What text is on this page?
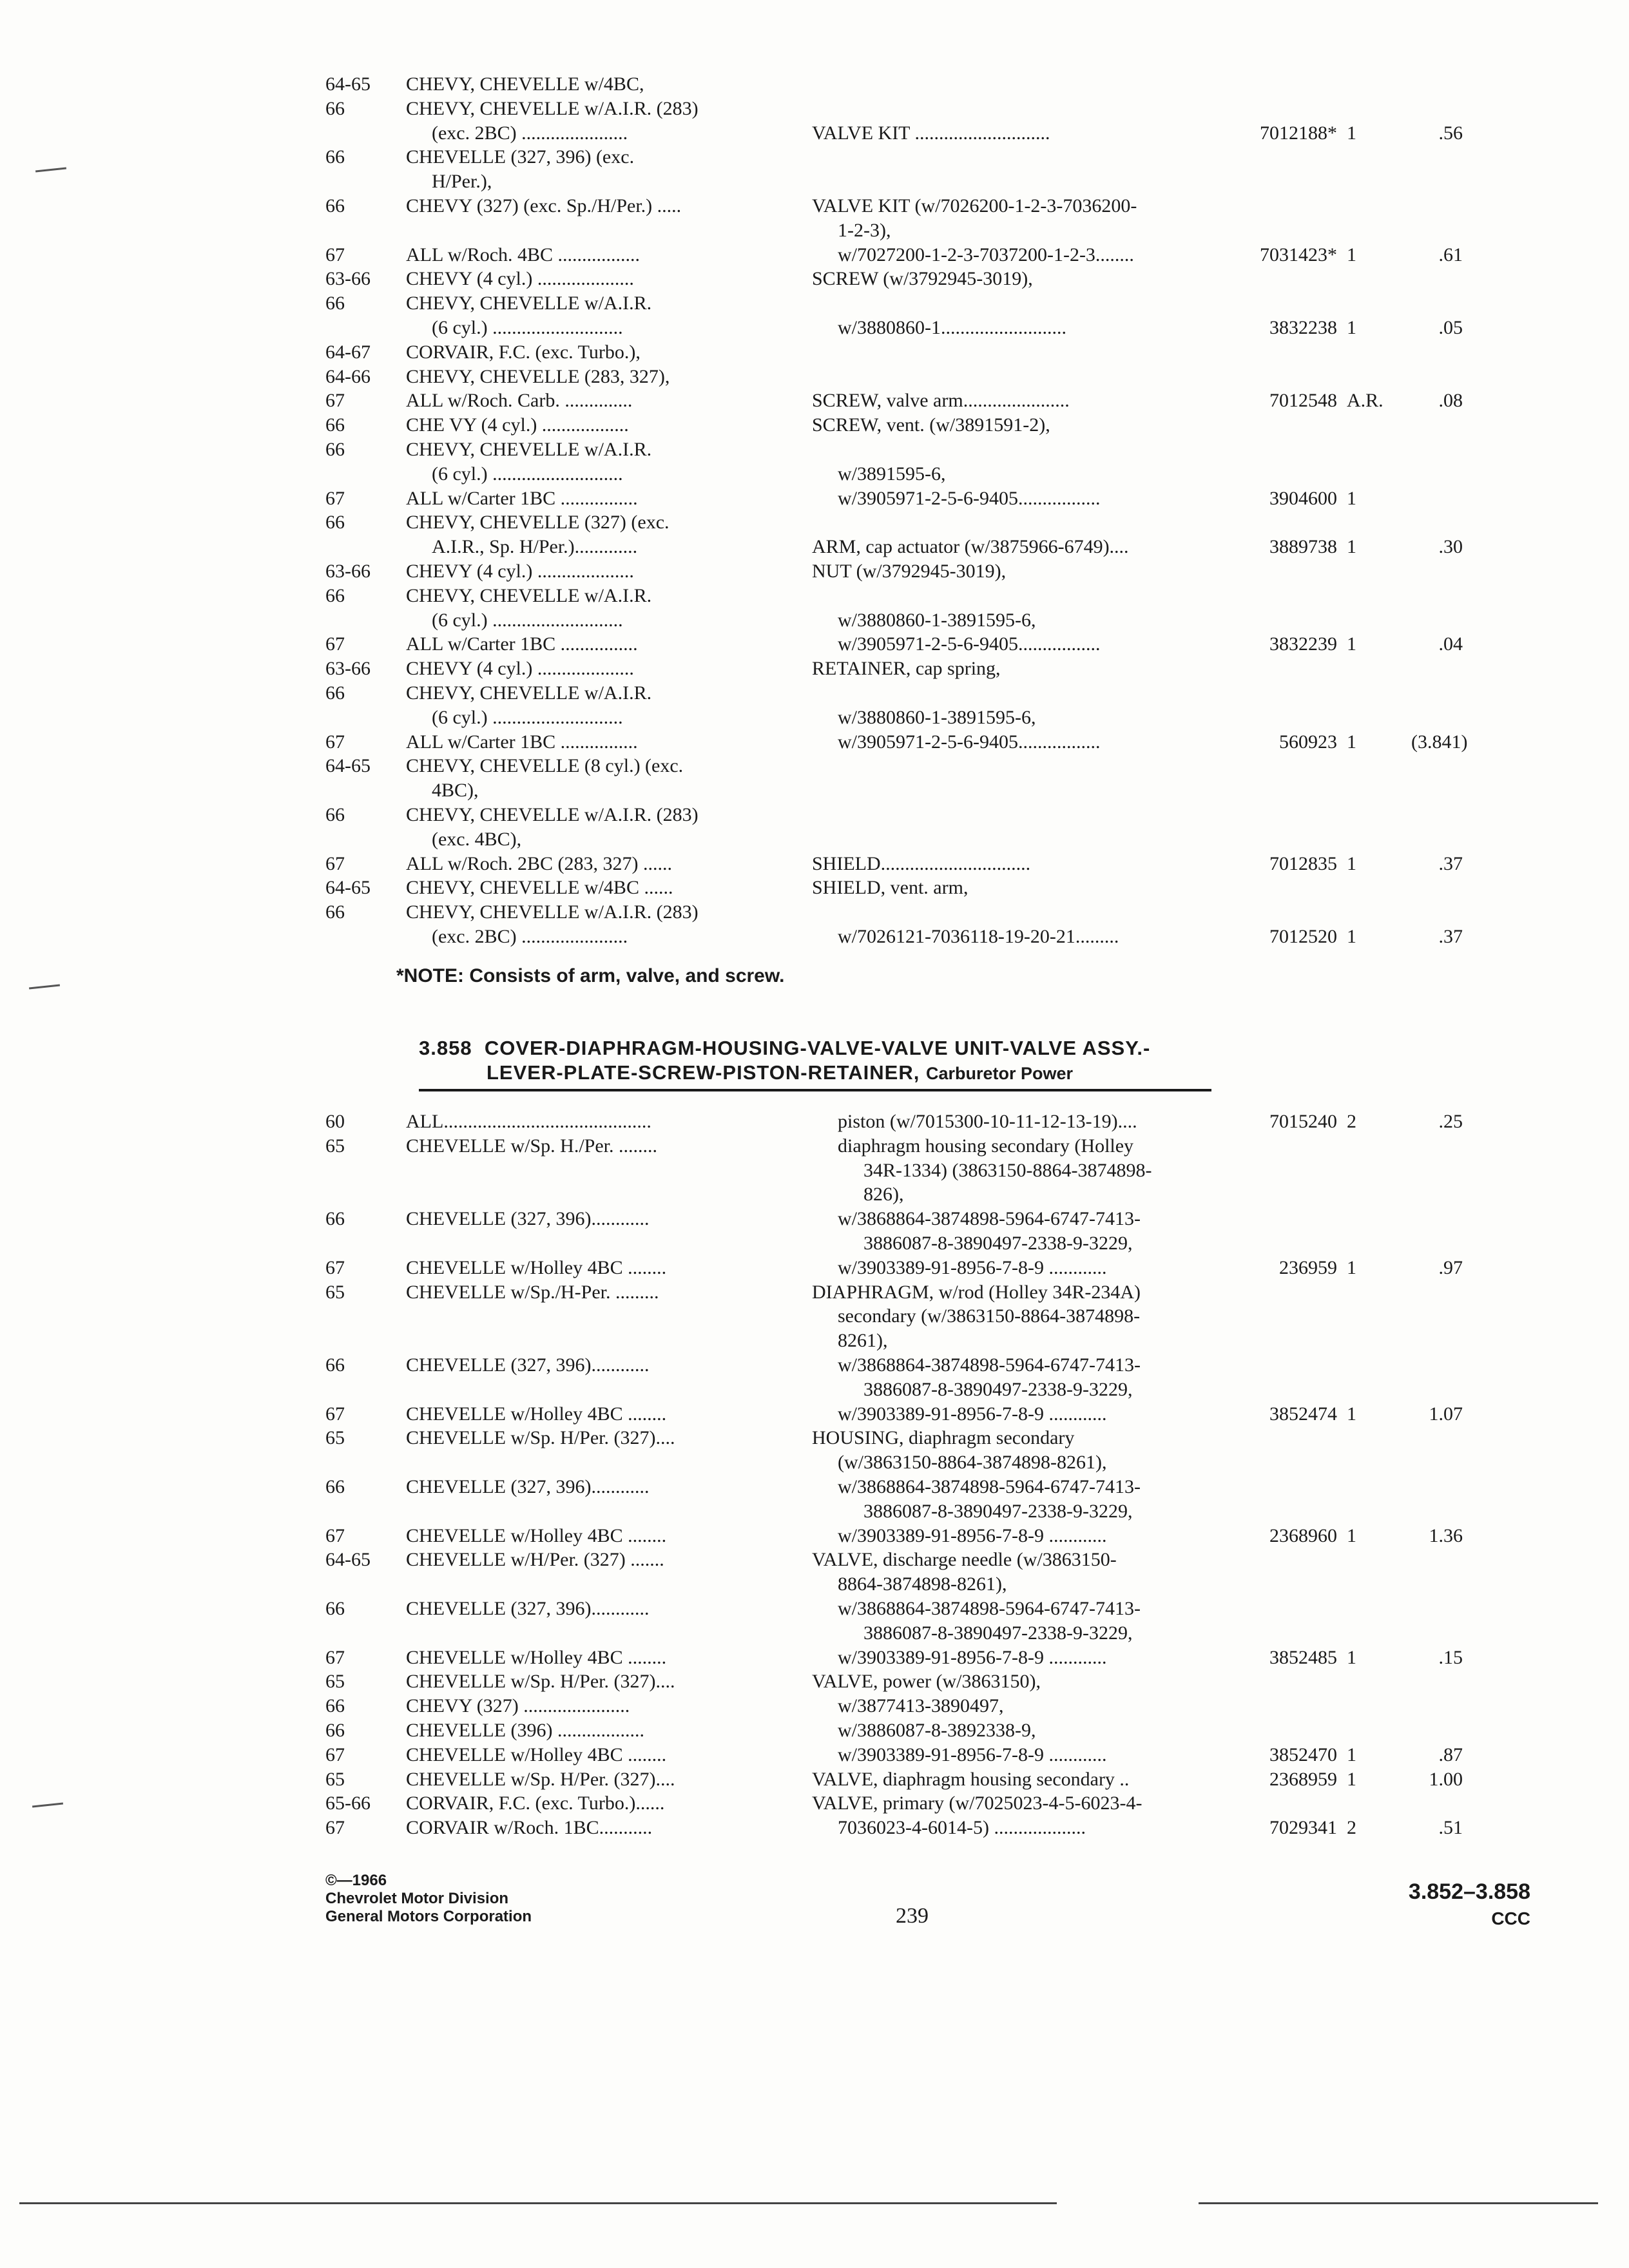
64-65 CHEVY, CHEVELLE w/4BC,
66	CHEVY, CHEVELLE w/A.I.R. (283)
(exc. 2BC) ......................	VALVE KIT ............................	7012188* 1	.56
66	CHEVELLE (327, 396) (exc.
H/Per.),
66	CHEVY (327) (exc. Sp./H/Per.) .....	VALVE KIT (w/7026200-1-2-3-7036200-
1-2-3),
67	ALL w/Roch. 4BC .................	w/7027200-1-2-3-7037200-1-2-3........	7031423* 1	.61
63-66 CHEVY (4 cyl.) ....................	SCREW (w/3792945-3019),
66	CHEVY, CHEVELLE w/A.I.R.
(6 cyl.) ...........................	w/3880860-1..........................	3832238 1	.05
64-67 CORVAIR, F.C. (exc. Turbo.),
64-66 CHEVY, CHEVELLE (283, 327),
67	ALL w/Roch. Carb. ..............	SCREW, valve arm......................	7012548 A.R.	.08
66	CHE VY (4 cyl.) ..................	SCREW, vent. (w/3891591-2),
66	CHEVY, CHEVELLE w/A.I.R.
(6 cyl.) ...........................	w/3891595-6,
67	ALL w/Carter 1BC ................	w/3905971-2-5-6-9405.................	3904600 1
66	CHEVY, CHEVELLE (327) (exc.
A.I.R., Sp. H/Per.).............	ARM, cap actuator (w/3875966-6749)....	3889738 1	.30
63-66 CHEVY (4 cyl.) ....................	NUT (w/3792945-3019),
66	CHEVY, CHEVELLE w/A.I.R.
(6 cyl.) ...........................	w/3880860-1-3891595-6,
67	ALL w/Carter 1BC ................	w/3905971-2-5-6-9405.................	3832239 1	.04
63-66 CHEVY (4 cyl.) ....................	RETAINER, cap spring,
66	CHEVY, CHEVELLE w/A.I.R.
(6 cyl.) ...........................	w/3880860-1-3891595-6,
67	ALL w/Carter 1BC ................	w/3905971-2-5-6-9405.................	560923 1	(3.841)
64-65 CHEVY, CHEVELLE (8 cyl.) (exc.
4BC),
66	CHEVY, CHEVELLE w/A.I.R. (283)
(exc. 4BC),
67	ALL w/Roch. 2BC (283, 327) ......	SHIELD...............................	7012835 1	.37
64-65 CHEVY, CHEVELLE w/4BC ......	SHIELD, vent. arm,
66	CHEVY, CHEVELLE w/A.I.R. (283)
(exc. 2BC) ......................	w/7026121-7036118-19-20-21.........	7012520 1	.37
*NOTE: Consists of arm, valve, and screw.
3.858 COVER-DIAPHRAGM-HOUSING-VALVE-VALVE UNIT-VALVE ASSY.-
LEVER-PLATE-SCREW-PISTON-RETAINER, Carburetor Power
60	ALL...........................................	piston (w/7015300-10-11-12-13-19)....	7015240 2	.25
65	CHEVELLE w/Sp. H./Per. ........	diaphragm housing secondary (Holley
34R-1334) (3863150-8864-3874898-
826),
66	CHEVELLE (327, 396)............	w/3868864-3874898-5964-6747-7413-
3886087-8-3890497-2338-9-3229,
67	CHEVELLE w/Holley 4BC ........	w/3903389-91-8956-7-8-9 ............	236959 1	.97
65	CHEVELLE w/Sp./H-Per. .........	DIAPHRAGM, w/rod (Holley 34R-234A)
secondary (w/3863150-8864-3874898-
8261),
66	CHEVELLE (327, 396)............	w/3868864-3874898-5964-6747-7413-
3886087-8-3890497-2338-9-3229,
67	CHEVELLE w/Holley 4BC ........	w/3903389-91-8956-7-8-9 ............	3852474 1	1.07
65	CHEVELLE w/Sp. H/Per. (327)....	HOUSING, diaphragm secondary
(w/3863150-8864-3874898-8261),
66	CHEVELLE (327, 396)............	w/3868864-3874898-5964-6747-7413-
3886087-8-3890497-2338-9-3229,
67	CHEVELLE w/Holley 4BC ........	w/3903389-91-8956-7-8-9 ............	2368960 1	1.36
64-65 CHEVELLE w/H/Per. (327) .......	VALVE, discharge needle (w/3863150-
8864-3874898-8261),
66	CHEVELLE (327, 396)............	w/3868864-3874898-5964-6747-7413-
3886087-8-3890497-2338-9-3229,
67	CHEVELLE w/Holley 4BC ........	w/3903389-91-8956-7-8-9 ............	3852485 1	.15
65	CHEVELLE w/Sp. H/Per. (327)....	VALVE, power (w/3863150),
66	CHEVY (327) ......................	w/3877413-3890497,
66	CHEVELLE (396) ..................	w/3886087-8-3892338-9,
67	CHEVELLE w/Holley 4BC ........	w/3903389-91-8956-7-8-9 ............	3852470 1	.87
65	CHEVELLE w/Sp. H/Per. (327)....	VALVE, diaphragm housing secondary ..	2368959 1	1.00
65-66 CORVAIR, F.C. (exc. Turbo.)......	VALVE, primary (w/7025023-4-5-6023-4-
67	CORVAIR w/Roch. 1BC...........	7036023-4-6014-5) ...................	7029341 2	.51
©—1966
Chevrolet Motor Division
General Motors Corporation	239
3.852–3.858
CCC
